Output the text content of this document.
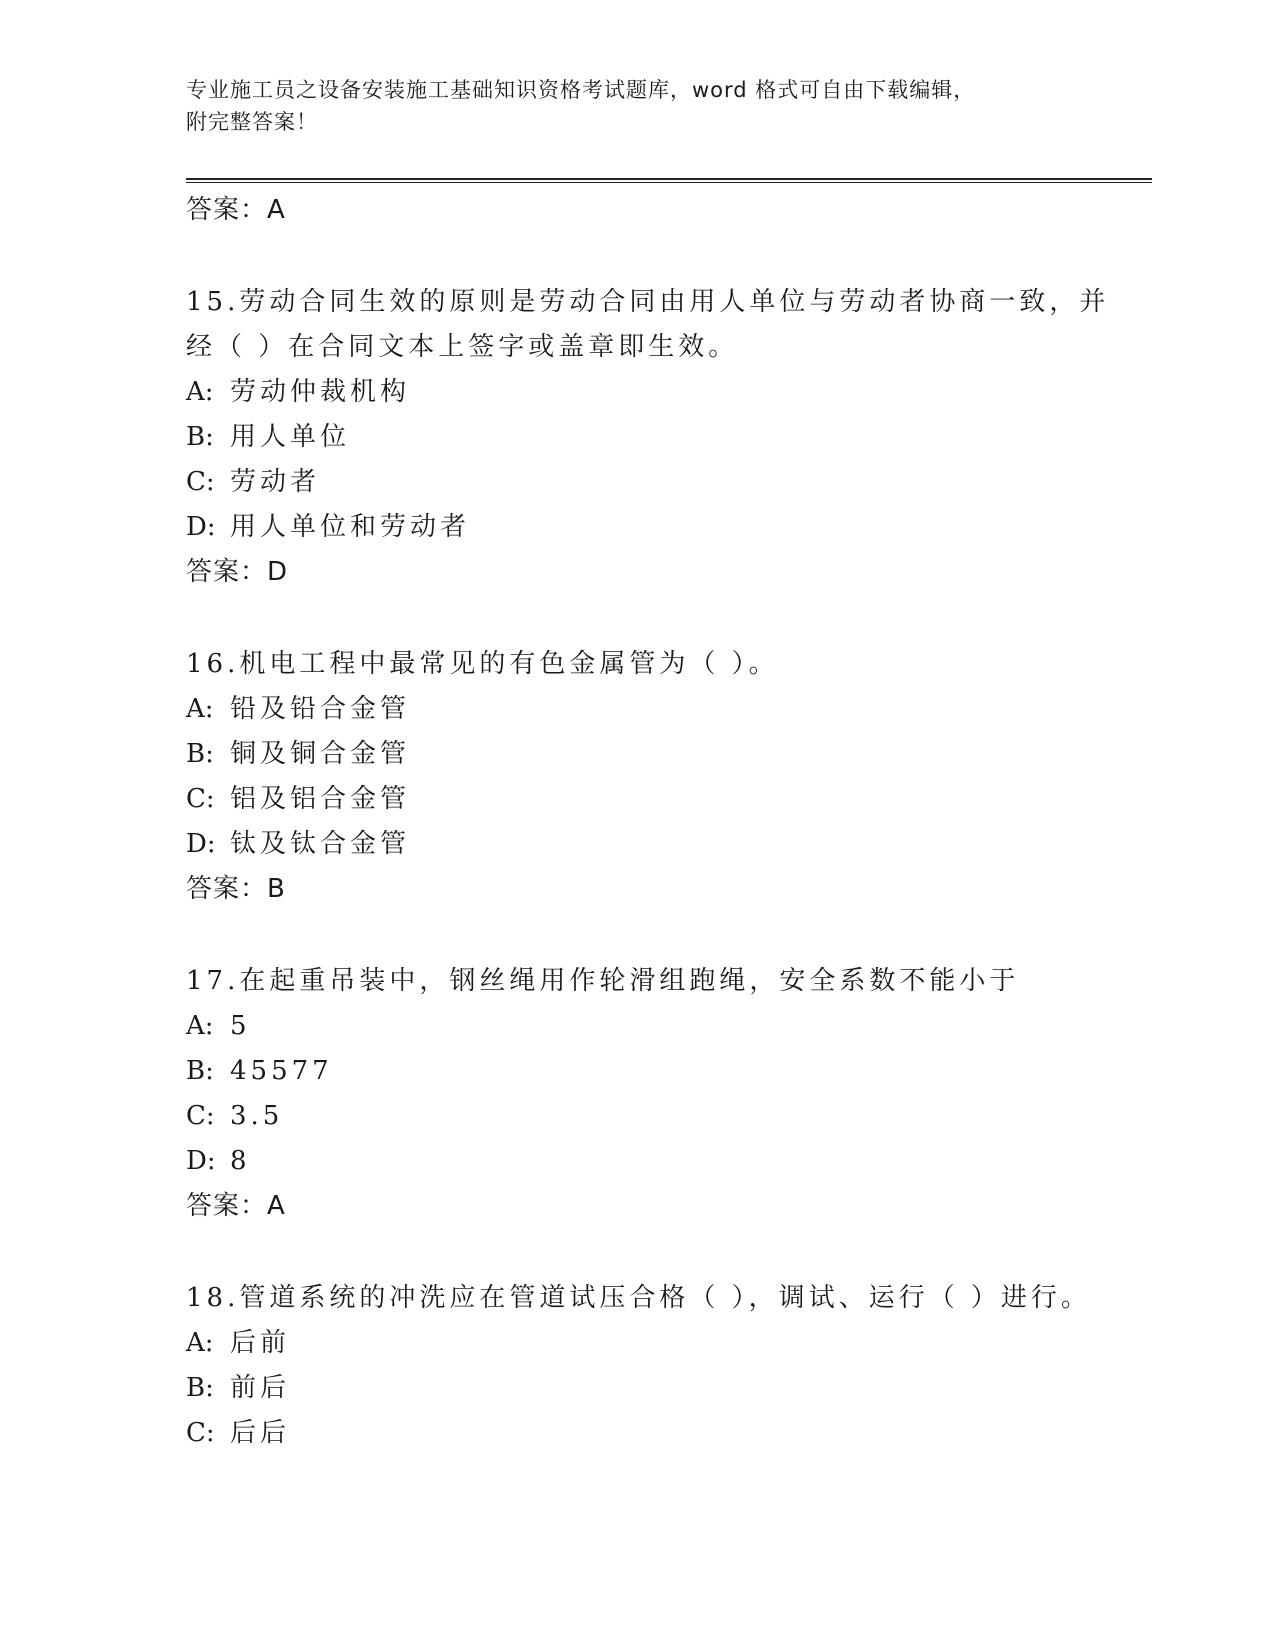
专业施工员之设备安装施工基础知识资格考试题库，word 格式可自由下载编辑，
附完整答案！
答案：A
15.劳动合同生效的原则是劳动合同由用人单位与劳动者协商一致，并
经（ ）在合同文本上签字或盖章即生效。
A: 劳动仲裁机构
B: 用人单位
C: 劳动者
D: 用人单位和劳动者
答案：D
16.机电工程中最常见的有色金属管为（ ）。
A: 铅及铅合金管
B: 铜及铜合金管
C: 铝及铝合金管
D: 钛及钛合金管
答案：B
17.在起重吊装中，钢丝绳用作轮滑组跑绳，安全系数不能小于
A: 5
B: 45577
C: 3.5
D: 8
答案：A
18.管道系统的冲洗应在管道试压合格（ ），调试、运行（ ）进行。
A: 后前
B: 前后
C: 后后
